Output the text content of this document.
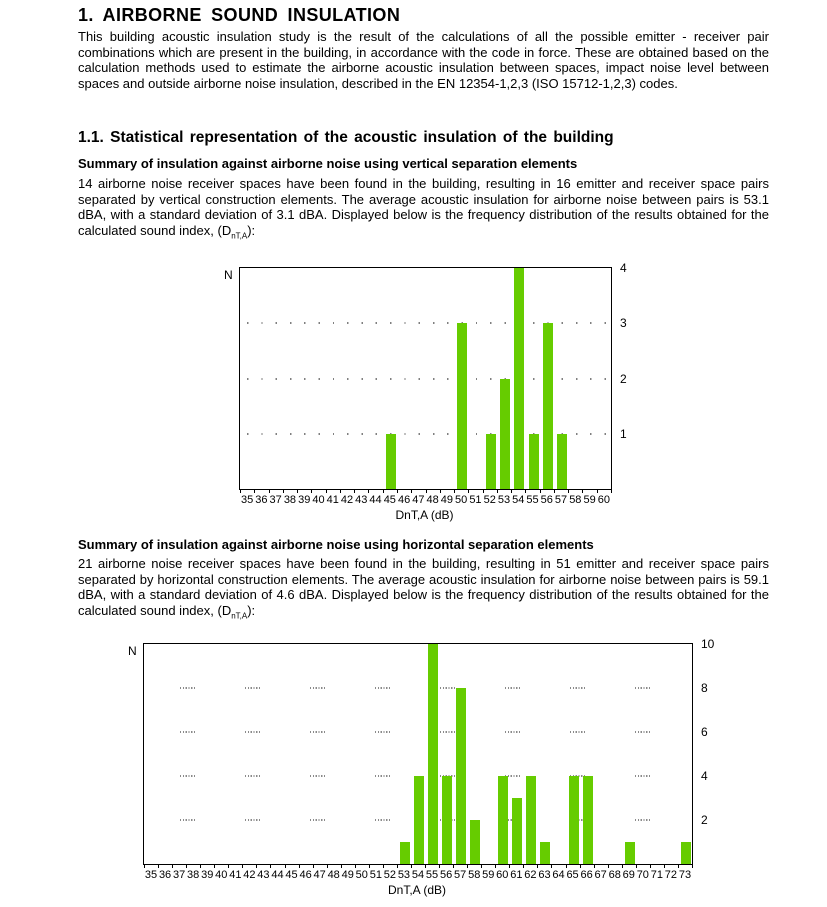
1. AIRBORNE SOUND INSULATION

This building acoustic insulation study is the result of the calculations of all the possible emitter - receiver pair combinations which are present in the building, in accordance with the code in force. These are obtained based on the calculation methods used to estimate the airborne acoustic insulation between spaces, impact noise level between spaces and outside airborne noise insulation, described in the EN 12354-1,2,3 (ISO 15712-1,2,3) codes.

1.1. Statistical representation of the acoustic insulation of the building
Summary of insulation against airborne noise using vertical separation elements

14 airborne noise receiver spaces have been found in the building, resulting in 16 emitter and receiver space pairs separated by vertical construction elements. The average acoustic insulation for airborne noise between pairs is 53.1 dBA, with a standard deviation of 3.1 dBA. Displayed below is the frequency distribution of the results obtained for the calculated sound index, $(D_{nT,A})$:

N
DnT,A (dB)
1
2
3
4
35 36 37 38 39 40 41 42 43 44 45 46 47 48 49 50 51 52 53 54 55 56 57 58 59 60
Summary of insulation against airborne noise using horizontal separation elements

21 airborne noise receiver spaces have been found in the building, resulting in 51 emitter and receiver space pairs separated by horizontal construction elements. The average acoustic insulation for airborne noise between pairs is 59.1 dBA, with a standard deviation of 4.6 dBA. Displayed below is the frequency distribution of the results obtained for the calculated sound index, $(D_{nT,A})$:

N
DnT,A (dB)
2
4
6
8
10
35 36 37 38 39 40 41 42 43 44 45 46 47 48 49 50 51 52 53 54 55 56 57 58 59 60 61 62 63 64 65 66 67 68 69 70 71 72 73
